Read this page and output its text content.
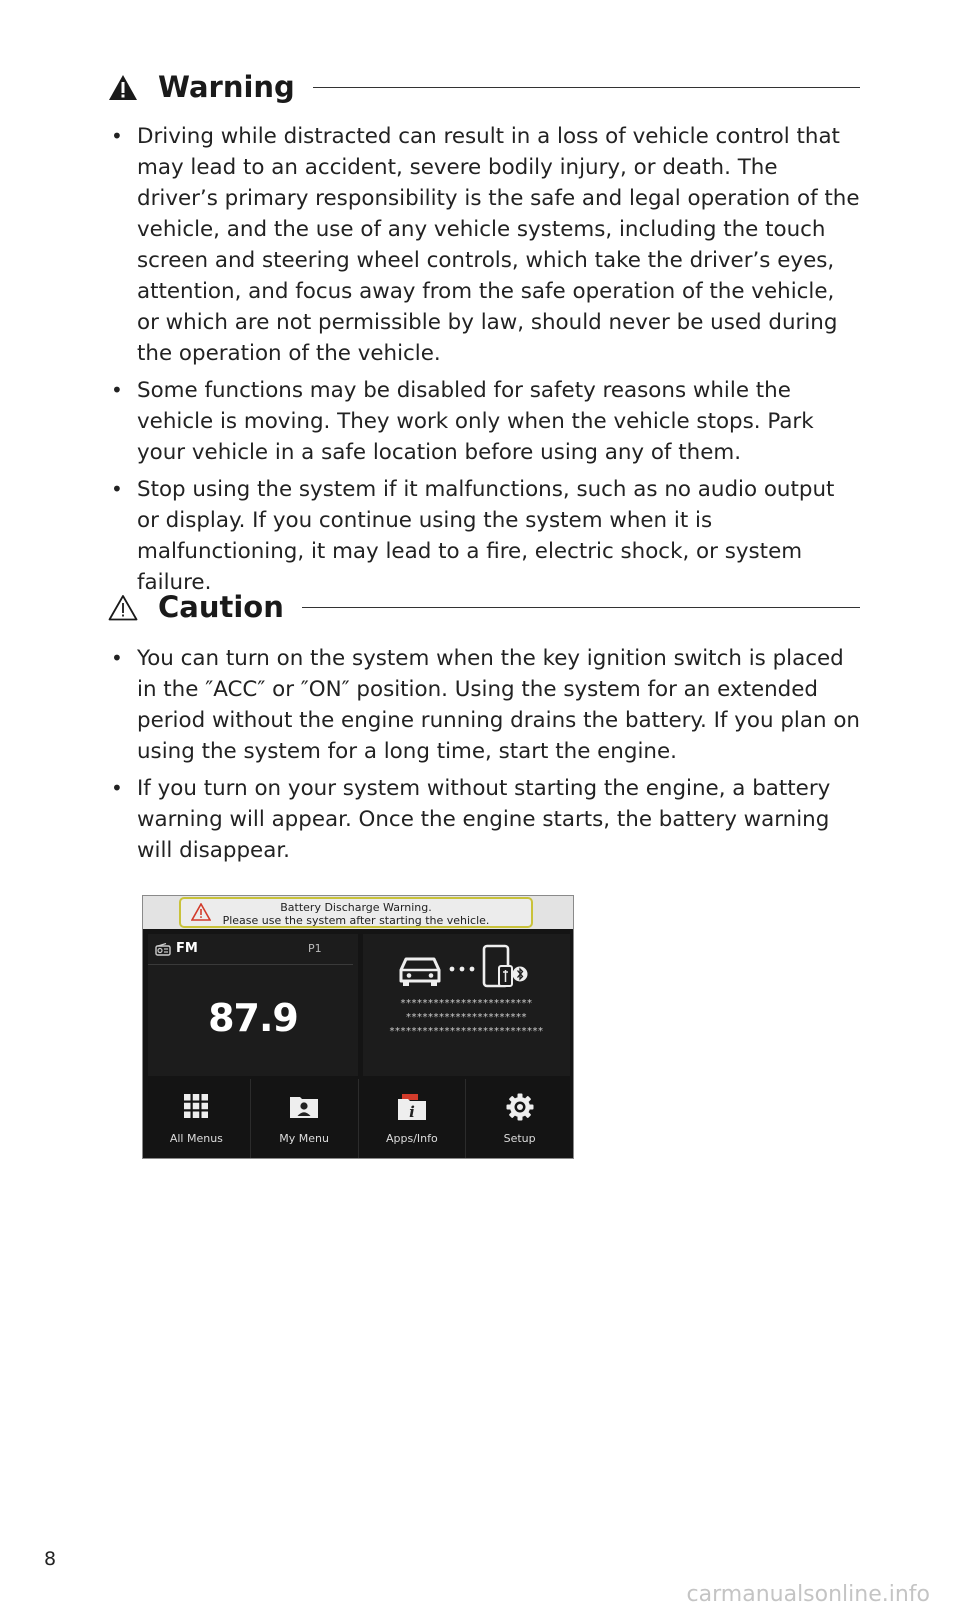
Warning
• Driving while distracted can result in a loss of vehicle control that may lead to an accident, severe bodily injury, or death. The driver’s primary responsibility is the safe and legal operation of the vehicle, and the use of any vehicle systems, including the touch screen and steering wheel controls, which take the driver’s eyes, attention, and focus away from the safe operation of the vehicle, or which are not permissible by law, should never be used during the operation of the vehicle.
• Some functions may be disabled for safety reasons while the vehicle is moving. They work only when the vehicle stops. Park your vehicle in a safe location before using any of them.
• Stop using the system if it malfunctions, such as no audio output or display. If you continue using the system when it is malfunctioning, it may lead to a fire, electric shock, or system failure.
Caution
• You can turn on the system when the key ignition switch is placed in the ″ACC″ or ″ON″ position. Using the system for an extended period without the engine running drains the battery. If you plan on using the system for a long time, start the engine.
• If you turn on your system without starting the engine, a battery warning will appear. Once the engine starts, the battery warning will disappear.
Battery Discharge Warning.
Please use the system after starting the vehicle.
FM	P1
87.9	************************
**********************
****************************
All Menus	My Menu
i
Apps/Info	Setup
8
carmanualsonline.info
